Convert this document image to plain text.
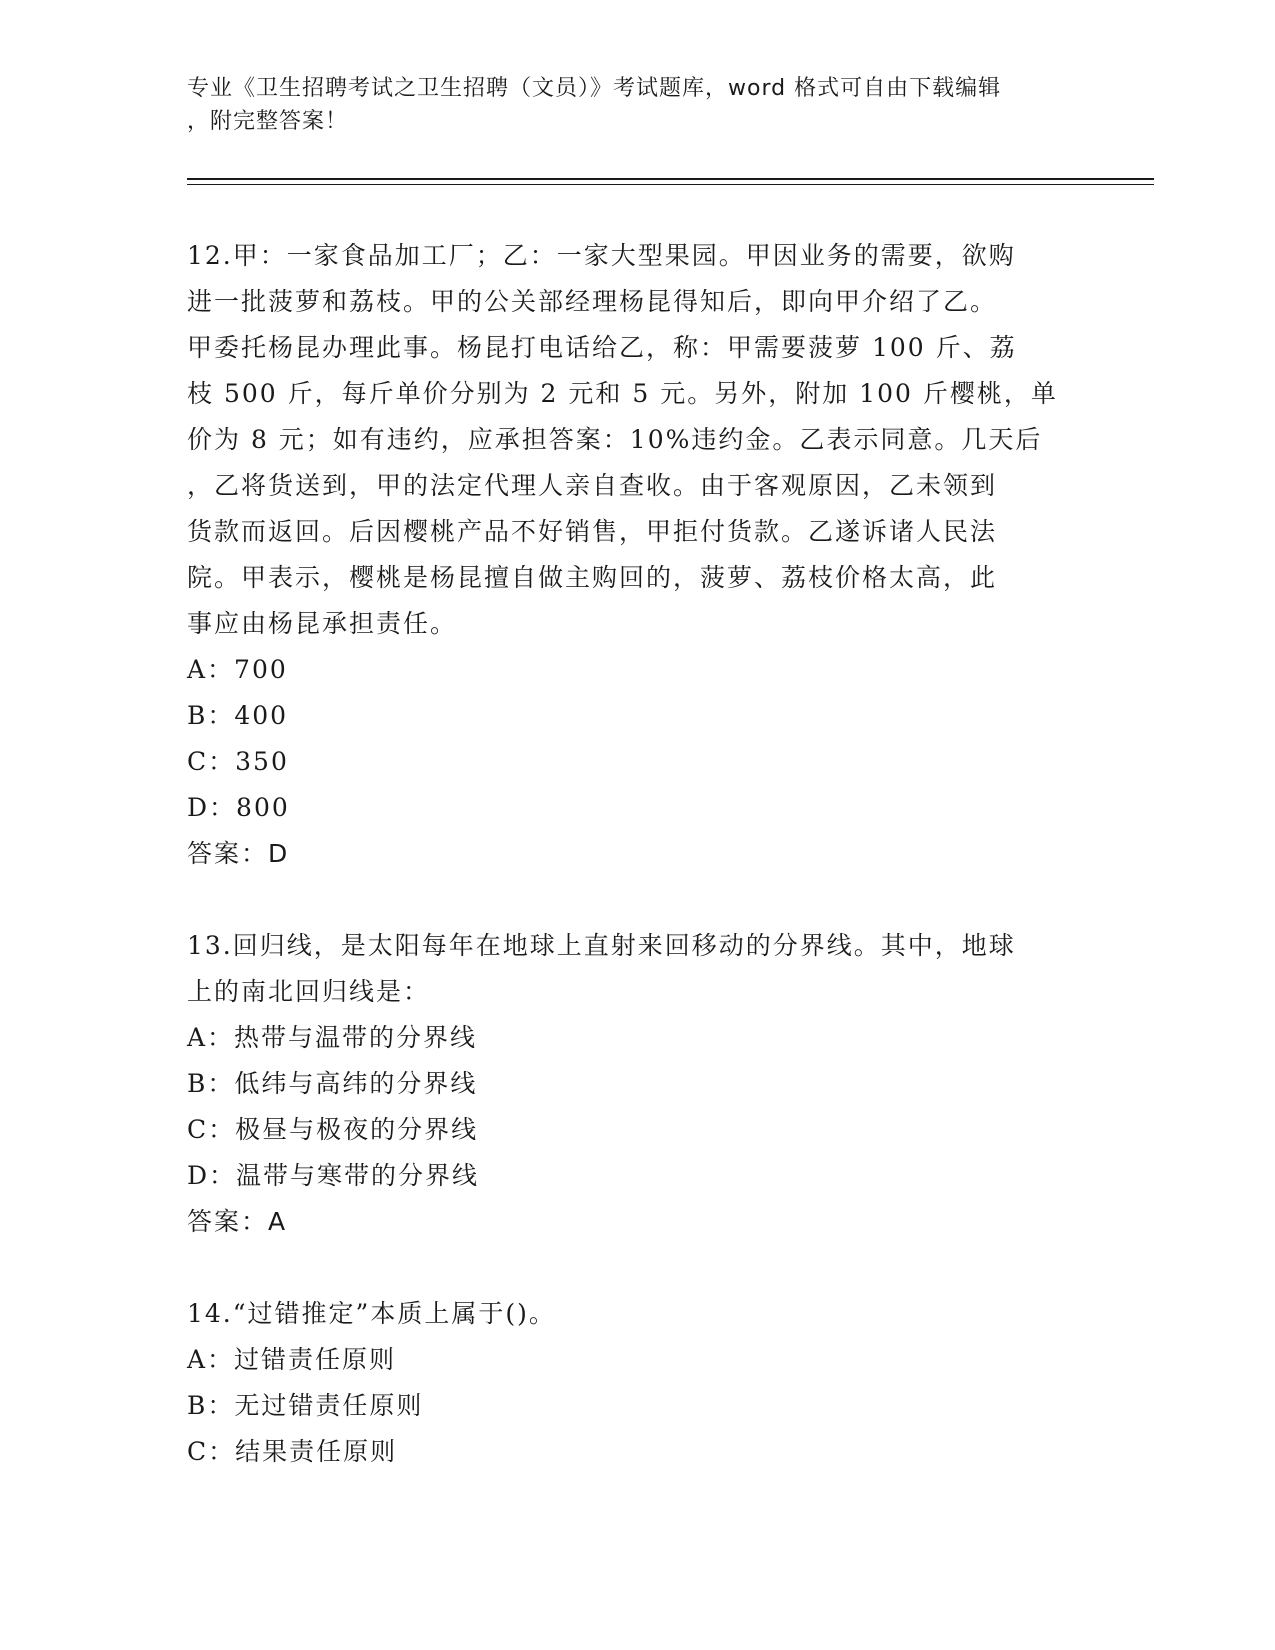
专业《卫生招聘考试之卫生招聘（文员）》考试题库，word 格式可自由下载编辑
，附完整答案！
12.甲：一家食品加工厂；乙：一家大型果园。甲因业务的需要，欲购
进一批菠萝和荔枝。甲的公关部经理杨昆得知后，即向甲介绍了乙。
甲委托杨昆办理此事。杨昆打电话给乙，称：甲需要菠萝 100 斤、荔
枝 500 斤，每斤单价分别为 2 元和 5 元。另外，附加 100 斤樱桃，单
价为 8 元；如有违约，应承担答案：10%违约金。乙表示同意。几天后
，乙将货送到，甲的法定代理人亲自查收。由于客观原因，乙未领到
货款而返回。后因樱桃产品不好销售，甲拒付货款。乙遂诉诸人民法
院。甲表示，樱桃是杨昆擅自做主购回的，菠萝、荔枝价格太高，此
事应由杨昆承担责任。
A：700
B：400
C：350
D：800
答案：D
13.回归线，是太阳每年在地球上直射来回移动的分界线。其中，地球
上的南北回归线是：
A：热带与温带的分界线
B：低纬与高纬的分界线
C：极昼与极夜的分界线
D：温带与寒带的分界线
答案：A
14.“过错推定”本质上属于()。
A：过错责任原则
B：无过错责任原则
C：结果责任原则
